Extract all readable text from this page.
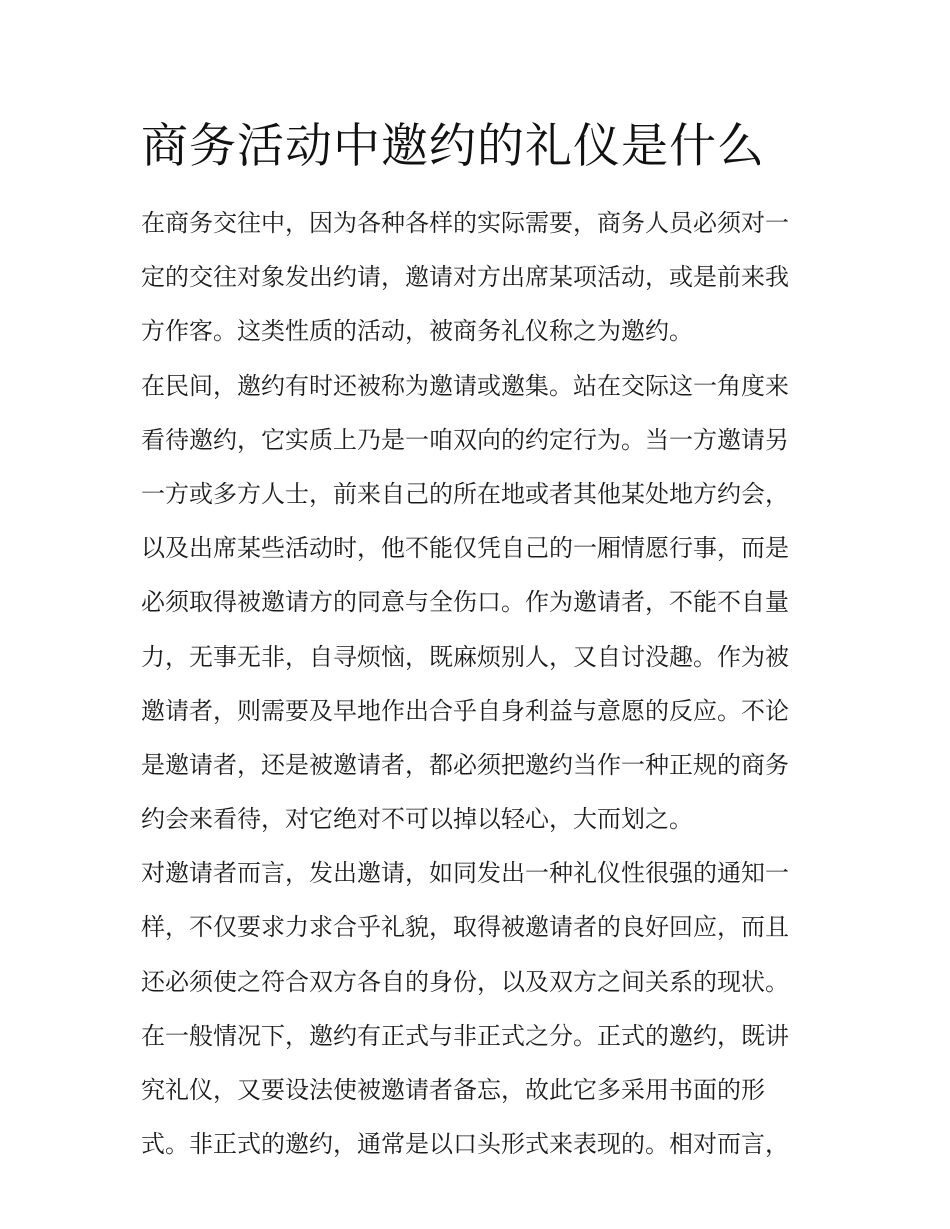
商务活动中邀约的礼仪是什么
在商务交往中，因为各种各样的实际需要，商务人员必须对一
定的交往对象发出约请，邀请对方出席某项活动，或是前来我
方作客。这类性质的活动，被商务礼仪称之为邀约。
在民间，邀约有时还被称为邀请或邀集。站在交际这一角度来
看待邀约，它实质上乃是一咱双向的约定行为。当一方邀请另
一方或多方人士，前来自己的所在地或者其他某处地方约会，
以及出席某些活动时，他不能仅凭自己的一厢情愿行事，而是
必须取得被邀请方的同意与全伤口。作为邀请者，不能不自量
力，无事无非，自寻烦恼，既麻烦别人，又自讨没趣。作为被
邀请者，则需要及早地作出合乎自身利益与意愿的反应。不论
是邀请者，还是被邀请者，都必须把邀约当作一种正规的商务
约会来看待，对它绝对不可以掉以轻心，大而划之。
对邀请者而言，发出邀请，如同发出一种礼仪性很强的通知一
样，不仅要求力求合乎礼貌，取得被邀请者的良好回应，而且
还必须使之符合双方各自的身份，以及双方之间关系的现状。
在一般情况下，邀约有正式与非正式之分。正式的邀约，既讲
究礼仪，又要设法使被邀请者备忘，故此它多采用书面的形
式。非正式的邀约，通常是以口头形式来表现的。相对而言，
